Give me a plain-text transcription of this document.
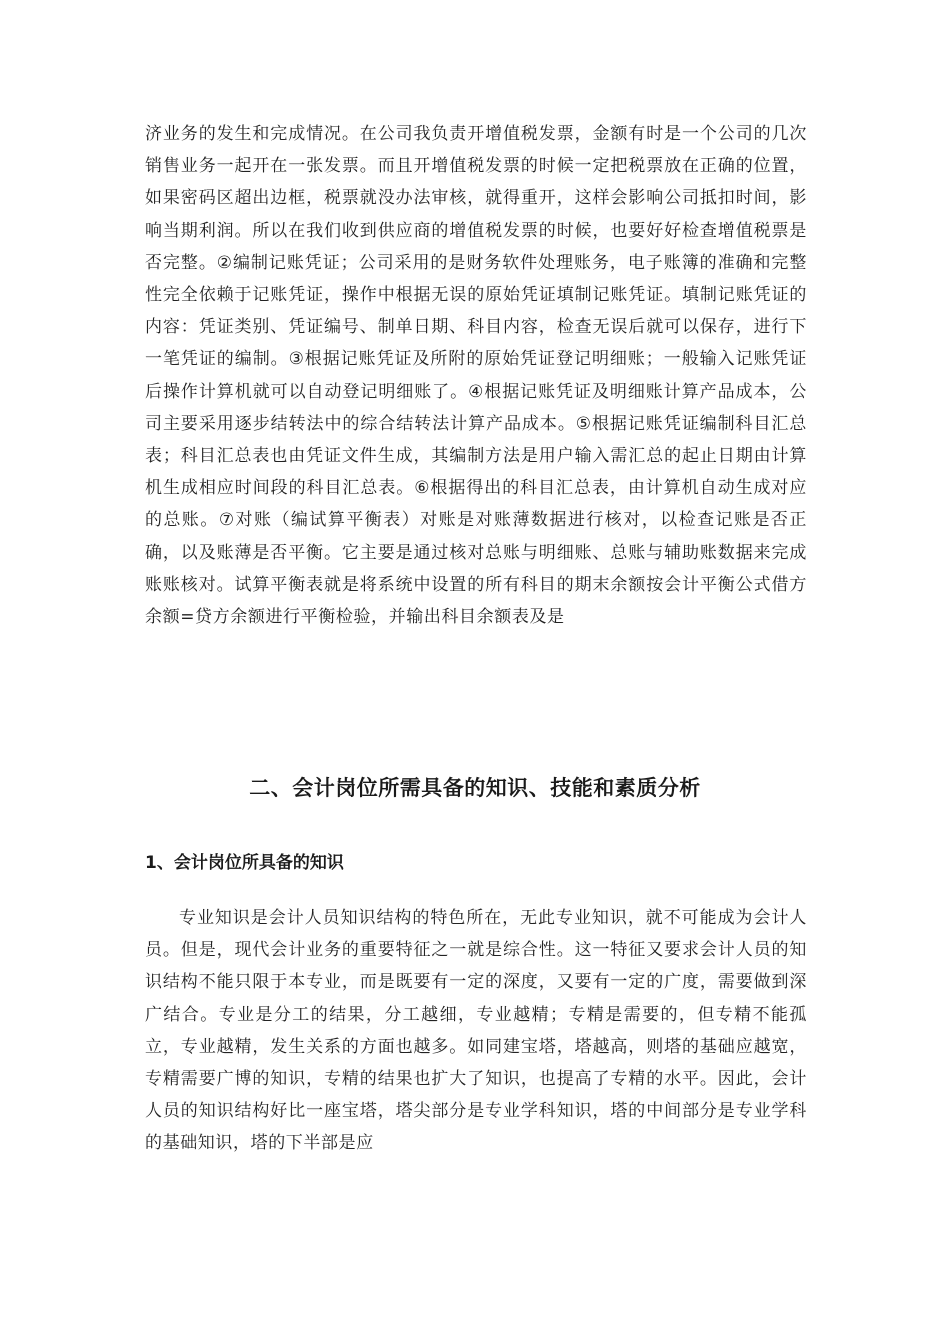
济业务的发生和完成情况。在公司我负责开增值税发票，金额有时是一个公司的几次销售业务一起开在一张发票。而且开增值税发票的时候一定把税票放在正确的位置，如果密码区超出边框，税票就没办法审核，就得重开，这样会影响公司抵扣时间，影响当期利润。所以在我们收到供应商的增值税发票的时候，也要好好检查增值税票是否完整。②编制记账凭证；公司采用的是财务软件处理账务，电子账簿的准确和完整性完全依赖于记账凭证，操作中根据无误的原始凭证填制记账凭证。填制记账凭证的内容：凭证类别、凭证编号、制单日期、科目内容，检查无误后就可以保存，进行下一笔凭证的编制。③根据记账凭证及所附的原始凭证登记明细账；一般输入记账凭证后操作计算机就可以自动登记明细账了。④根据记账凭证及明细账计算产品成本，公司主要采用逐步结转法中的综合结转法计算产品成本。⑤根据记账凭证编制科目汇总表；科目汇总表也由凭证文件生成，其编制方法是用户输入需汇总的起止日期由计算机生成相应时间段的科目汇总表。⑥根据得出的科目汇总表，由计算机自动生成对应的总账。⑦对账（编试算平衡表）对账是对账薄数据进行核对，以检查记账是否正确，以及账薄是否平衡。它主要是通过核对总账与明细账、总账与辅助账数据来完成账账核对。试算平衡表就是将系统中设置的所有科目的期末余额按会计平衡公式借方余额=贷方余额进行平衡检验，并输出科目余额表及是

二、会计岗位所需具备的知识、技能和素质分析
1、会计岗位所具备的知识

专业知识是会计人员知识结构的特色所在，无此专业知识，就不可能成为会计人员。但是，现代会计业务的重要特征之一就是综合性。这一特征又要求会计人员的知识结构不能只限于本专业，而是既要有一定的深度，又要有一定的广度，需要做到深广结合。专业是分工的结果，分工越细，专业越精；专精是需要的，但专精不能孤立，专业越精，发生关系的方面也越多。如同建宝塔，塔越高，则塔的基础应越宽，专精需要广博的知识，专精的结果也扩大了知识，也提高了专精的水平。因此，会计人员的知识结构好比一座宝塔，塔尖部分是专业学科知识，塔的中间部分是专业学科的基础知识，塔的下半部是应
